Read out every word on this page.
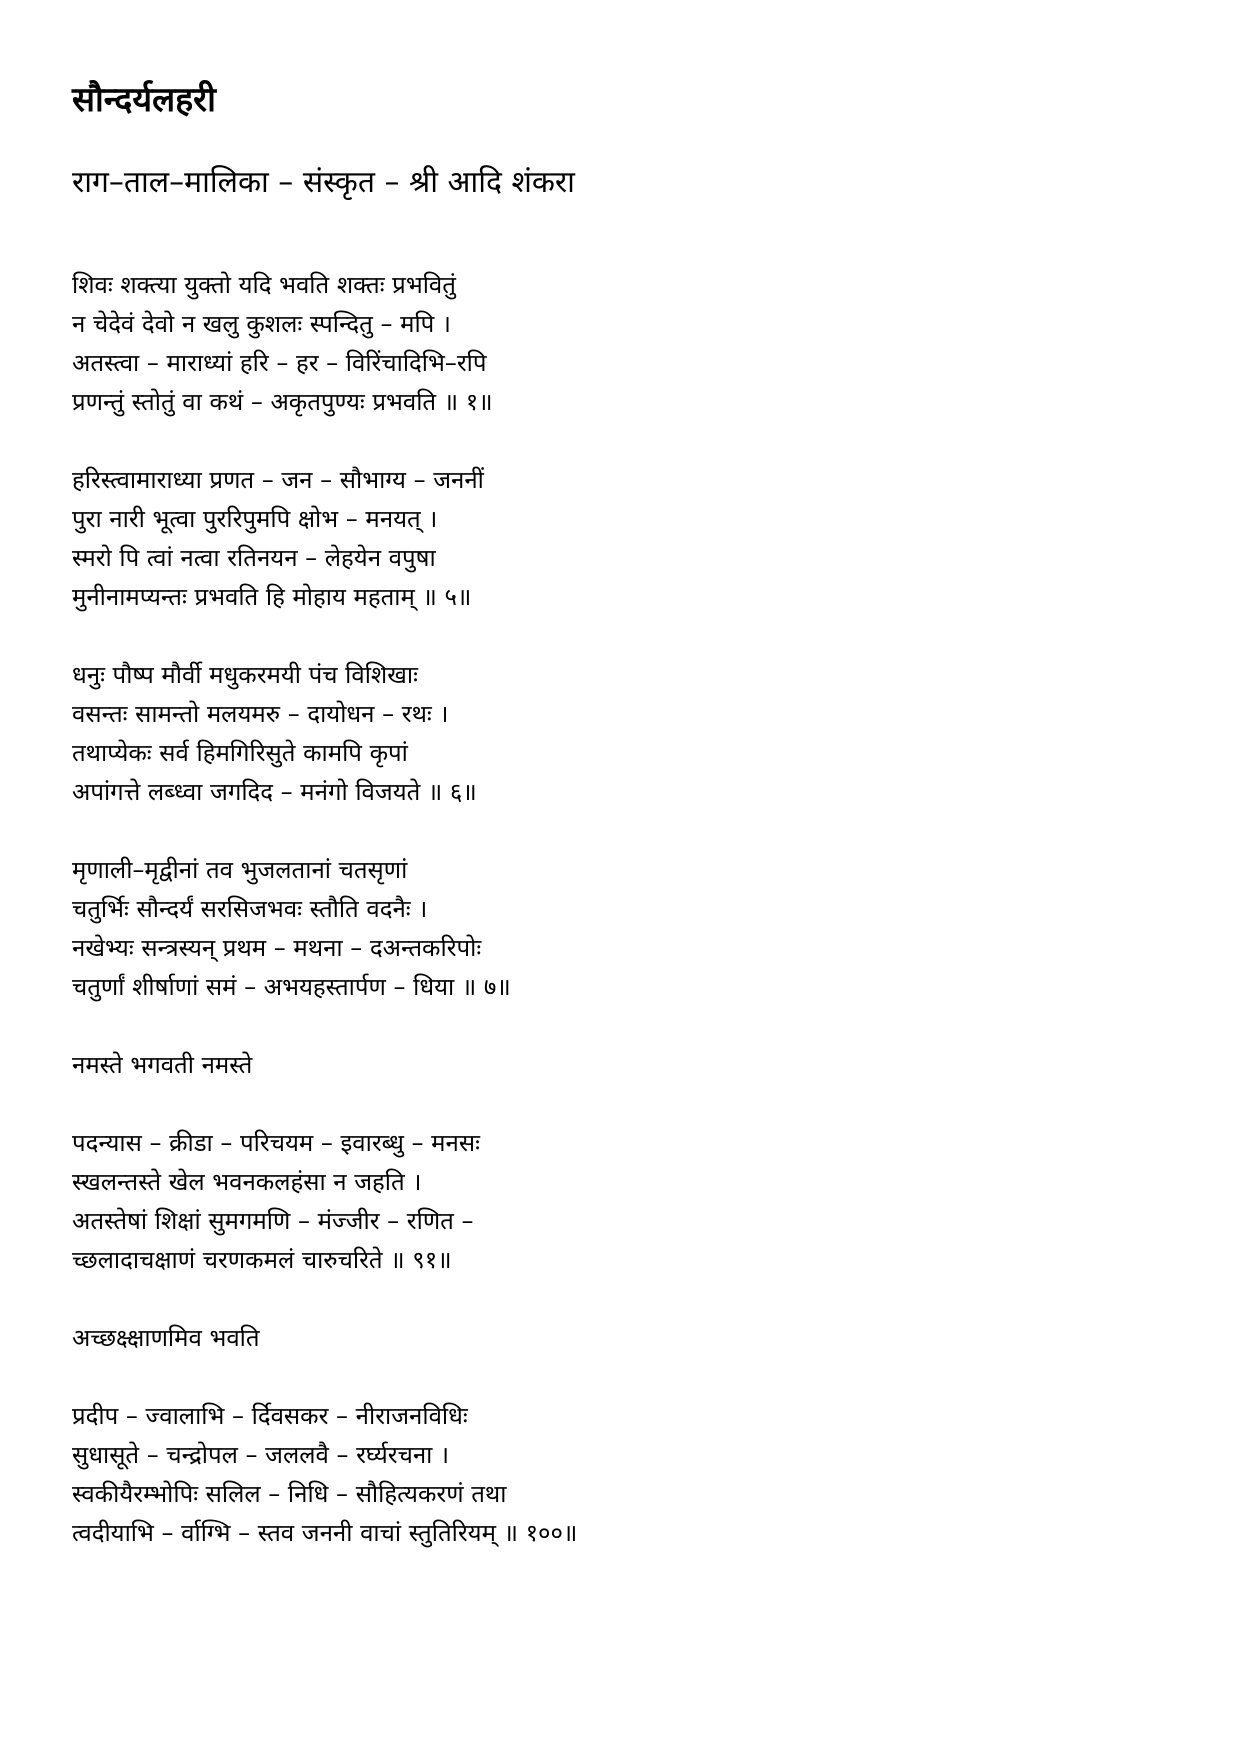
सौन्दर्यलहरी
राग–ताल–मालिका – संस्कृत – श्री आदि शंकरा
शिवः शक्त्या युक्तो यदि भवति शक्तः प्रभवितुं
न चेदेवं देवो न खलु कुशलः स्पन्दितु – मपि ।
अतस्त्वा – माराध्यां हरि – हर – विरिंचादिभि–रपि
प्रणन्तुं स्तोतुं वा कथं – अकृतपुण्यः प्रभवति ॥ १॥
हरिस्त्वामाराध्या प्रणत – जन – सौभाग्य – जननीं
पुरा नारी भूत्वा पुररिपुमपि क्षोभ – मनयत् ।
स्मरो पि त्वां नत्वा रतिनयन – लेहयेन वपुषा
मुनीनामप्यन्तः प्रभवति हि मोहाय महताम् ॥ ५॥
धनुः पौष्प मौर्वी मधुकरमयी पंच विशिखाः
वसन्तः सामन्तो मलयमरु – दायोधन – रथः ।
तथाप्येकः सर्व हिमगिरिसुते कामपि कृपां
अपांगत्ते लब्ध्वा जगदिद – मनंगो विजयते ॥ ६॥
मृणाली–मृद्वीनां तव भुजलतानां चतसृणां
चतुर्भिः सौन्दर्यं सरसिजभवः स्तौति वदनैः ।
नखेभ्यः सन्त्रस्यन् प्रथम – मथना – दअन्तकरिपोः
चतुर्णां शीर्षाणां समं – अभयहस्तार्पण – धिया ॥ ७॥
नमस्ते भगवती नमस्ते
पदन्यास – क्रीडा – परिचयम – इवारब्धु – मनसः
स्खलन्तस्ते खेल भवनकलहंसा न जहति ।
अतस्तेषां शिक्षां सुमगमणि – मंज्जीर – रणित –
च्छलादाचक्षाणं चरणकमलं चारुचरिते ॥ ९१॥
अच्छक्ष्क्षाणमिव भवति
प्रदीप – ज्वालाभि – र्दिवसकर – नीराजनविधिः
सुधासूते – चन्द्रोपल – जललवै – रर्घ्यरचना ।
स्वकीयैरम्भोपिः सलिल – निधि – सौहित्यकरणं तथा
त्वदीयाभि – र्वाग्भि – स्तव जननी वाचां स्तुतिरियम् ॥ १००॥
